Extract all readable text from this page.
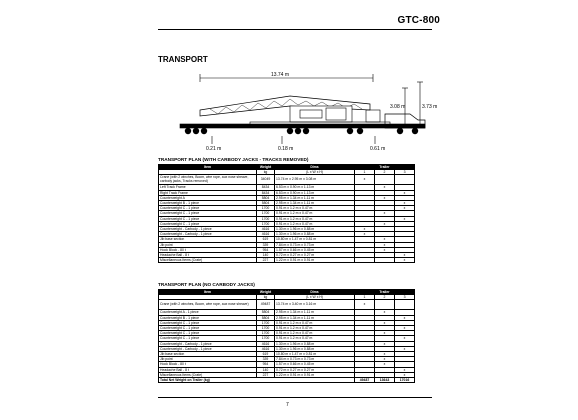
GTC-800
TRANSPORT
13.74 m
3.08 m	3.73 m
0.21 m	0.18 m	0.61 m
TRANSPORT PLAN (WITH CARBODY JACKS - TRACKS REMOVED)
Item	Weight	Dims	Trailer		
	kg	(L x W x H)	1	2	3
Crane (with 2 winches, Boom, wire rope, aux nose sheave, carbody jacks, Tracks removed)	34049	13.74 m x 2.95 m x 3.08 m	x		
Left Track Frame	8434	6.53 m x 0.90 m x 1.13 m		x	
Right Track Frame	8434	6.53 m x 0.90 m x 1.13 m			x
Counterweight A	5804	2.95 m x 1.34 m x 1.11 m		x	
Counterweight B - 1 piece	5804	2.95 m x 1.34 m x 1.11 m			x
Counterweight C - 1 piece	1700	0.91 m x 1.2 m x 0.47 m			x
Counterweight C - 1 piece	1700	0.91 m x 1.2 m x 0.47 m		x	
Counterweight C - 1 piece	1700	0.91 m x 1.2 m x 0.47 m			x
Counterweight C - 1 piece	1700	0.91 m x 1.2 m x 0.47 m		x	
Counterweight - Carbody - 1 piece	4616	1.30 m x 1.96 m x 0.88 m	x		
Counterweight - Carbody - 1 piece	4616	1.30 m x 1.96 m x 0.88 m	x		
Jib base section	619	10.80 m x 1.47 m x 0.81 m		x	
Jib point	339	7.84 m x 0.73 m x 0.73 m		x	
Hook Block - 80 t	954	1.57 m x 0.66 m x 0.45 m		x	
Headache Ball - 8 t	140	0.72 m x 0.27 m x 0.27 m			x
Miscellaneous Items (Crate)	227	1.22 m x 0.91 m x 0.91 m			x
TRANSPORT PLAN (NO CARBODY JACKS)
Item	Weight	Dims	Trailer		
	kg	(L x W x H)	1	2	3
Crane (with 2 winches, Boom, wire rope, aux nose sheave)	49487	13.74 m x 3.40 m x 3.16 m	x		
Counterweight A - 1 piece	5804	2.95 m x 1.34 m x 1.11 m		x	
Counterweight B - 1 piece	5804	2.95 m x 1.34 m x 1.11 m			x
Counterweight C - 1 piece	1700	0.91 m x 1.2 m x 0.47 m		x	
Counterweight C - 1 piece	1700	0.91 m x 1.2 m x 0.47 m			x
Counterweight C - 1 piece	1700	0.91 m x 1.2 m x 0.47 m		x	
Counterweight C - 1 piece	1700	0.91 m x 1.2 m x 0.47 m			x
Counterweight - Carbody - 1 piece	4616	1.30 m x 1.96 m x 0.88 m		x	
Counterweight - Carbody - 1 piece	4616	1.30 m x 1.96 m x 0.88 m			x
Jib base section	619	10.80 m x 1.47 m x 0.81 m		x	
Jib point	339	7.84 m x 0.73 m x 0.73 m		x	
Hook Block - 80 t	954	1.57 m x 0.66 m x 0.45 m		x	
Headache Ball - 8 t	140	0.72 m x 0.27 m x 0.27 m			x
Miscellaneous Items (Crate)	227	1.22 m x 0.91 m x 0.91 m			x
Total Net Weight on Trailer (kg)			49487	13643	17016
7
